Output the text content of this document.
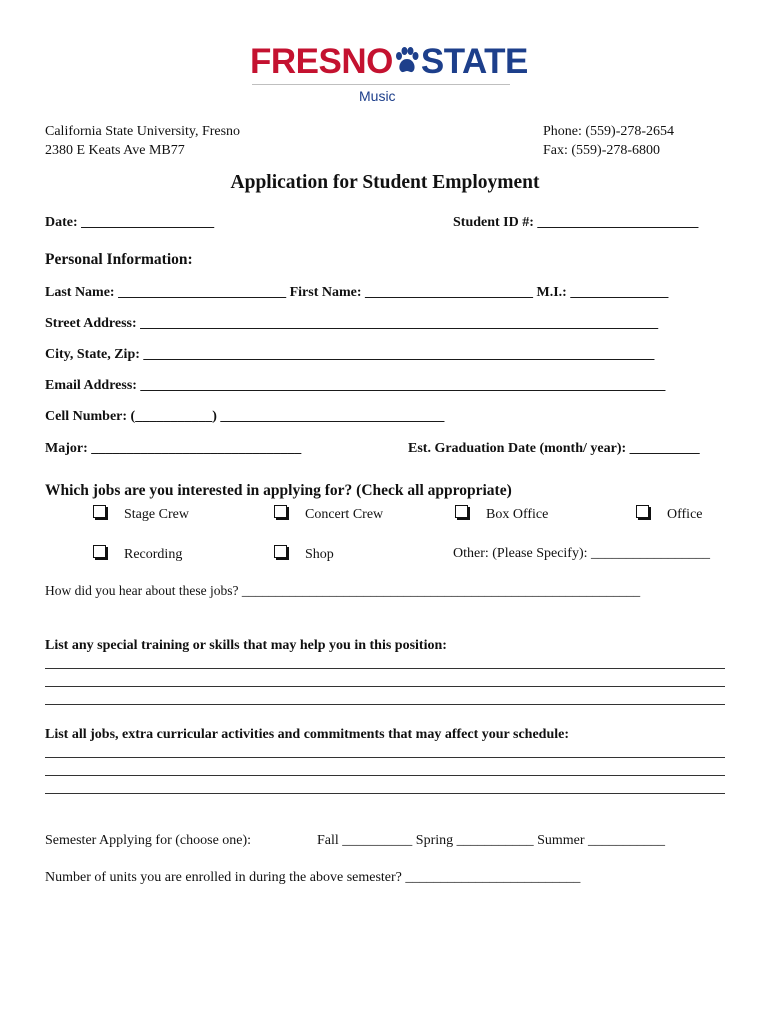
FRESNO STATE
Music
California State University, Fresno
2380 E Keats Ave MB77
Phone: (559)-278-2654
Fax: (559)-278-6800
Application for Student Employment
Date: ___________________	Student ID #: _______________________
Personal Information:
Last Name: ________________________ First Name: ________________________ M.I.: ______________
Street Address: __________________________________________________________________________
City, State, Zip: _________________________________________________________________________
Email Address: ___________________________________________________________________________
Cell Number: (___________) ________________________________
Major: ______________________________	Est. Graduation Date (month/ year): __________
Which jobs are you interested in applying for? (Check all appropriate)
Stage Crew	Concert Crew	Box Office	Office
Recording	Shop	Other: (Please Specify): _________________
How did you hear about these jobs? ___________________________________________________________
List any special training or skills that may help you in this position:
List all jobs, extra curricular activities and commitments that may affect your schedule:
Semester Applying for (choose one):	Fall __________ Spring ___________ Summer ___________
Number of units you are enrolled in during the above semester? _________________________
